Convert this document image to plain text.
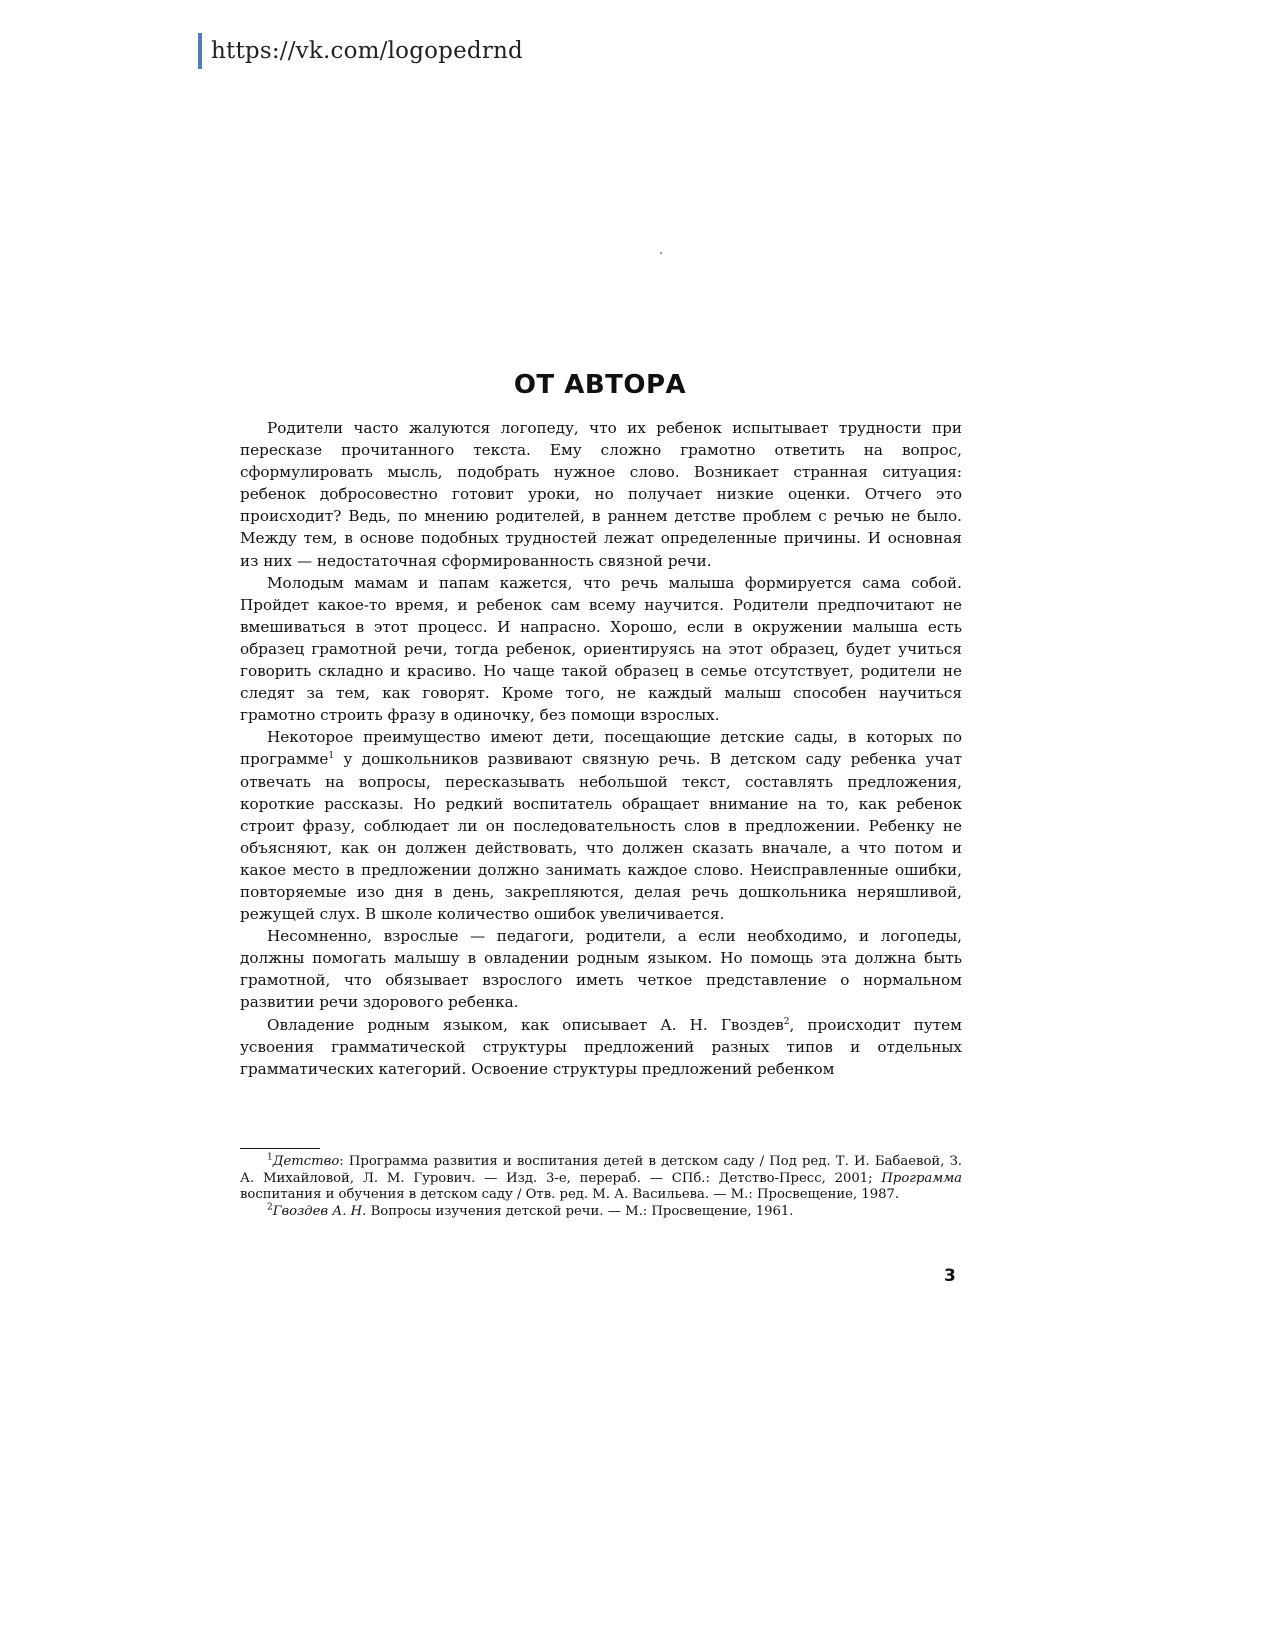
https://vk.com/logopedrnd
ОТ АВТОРА

Родители часто жалуются логопеду, что их ребенок испытывает трудности при пересказе прочитанного текста. Ему сложно грамотно ответить на вопрос, сформулировать мысль, подобрать нужное слово. Возникает странная ситуация: ребенок добросовестно готовит уроки, но получает низкие оценки. Отчего это происходит? Ведь, по мнению родителей, в раннем детстве проблем с речью не было. Между тем, в основе подобных трудностей лежат определенные причины. И основная из них — недостаточная сформированность связной речи.

Молодым мамам и папам кажется, что речь малыша формируется сама собой. Пройдет какое-то время, и ребенок сам всему научится. Родители предпочитают не вмешиваться в этот процесс. И напрасно. Хорошо, если в окружении малыша есть образец грамотной речи, тогда ребенок, ориентируясь на этот образец, будет учиться говорить складно и красиво. Но чаще такой образец в семье отсутствует, родители не следят за тем, как говорят. Кроме того, не каждый малыш способен научиться грамотно строить фразу в одиночку, без помощи взрослых.

Некоторое преимущество имеют дети, посещающие детские сады, в которых по программе$^1$ у дошкольников развивают связную речь. В детском саду ребенка учат отвечать на вопросы, пересказывать небольшой текст, составлять предложения, короткие рассказы. Но редкий воспитатель обращает внимание на то, как ребенок строит фразу, соблюдает ли он последовательность слов в предложении. Ребенку не объясняют, как он должен действовать, что должен сказать вначале, а что потом и какое место в предложении должно занимать каждое слово. Неисправленные ошибки, повторяемые изо дня в день, закрепляются, делая речь дошкольника неряшливой, режущей слух. В школе количество ошибок увеличивается.

Несомненно, взрослые — педагоги, родители, а если необходимо, и логопеды, должны помогать малышу в овладении родным языком. Но помощь эта должна быть грамотной, что обязывает взрослого иметь четкое представление о нормальном развитии речи здорового ребенка.

Овладение родным языком, как описывает А. Н. Гвоздев$^2$, происходит путем усвоения грамматической структуры предложений разных типов и отдельных грамматических категорий. Освоение структуры предложений ребенком

$^1$Детство: Программа развития и воспитания детей в детском саду / Под ред. Т. И. Бабаевой, З. А. Михайловой, Л. М. Гурович. — Изд. 3-е, перераб. — СПб.: Детство-Пресс, 2001; Программа воспитания и обучения в детском саду / Отв. ред. М. А. Васильева. — М.: Просвещение, 1987.

$^2$Гвоздев А. Н. Вопросы изучения детской речи. — М.: Просвещение, 1961.

3
